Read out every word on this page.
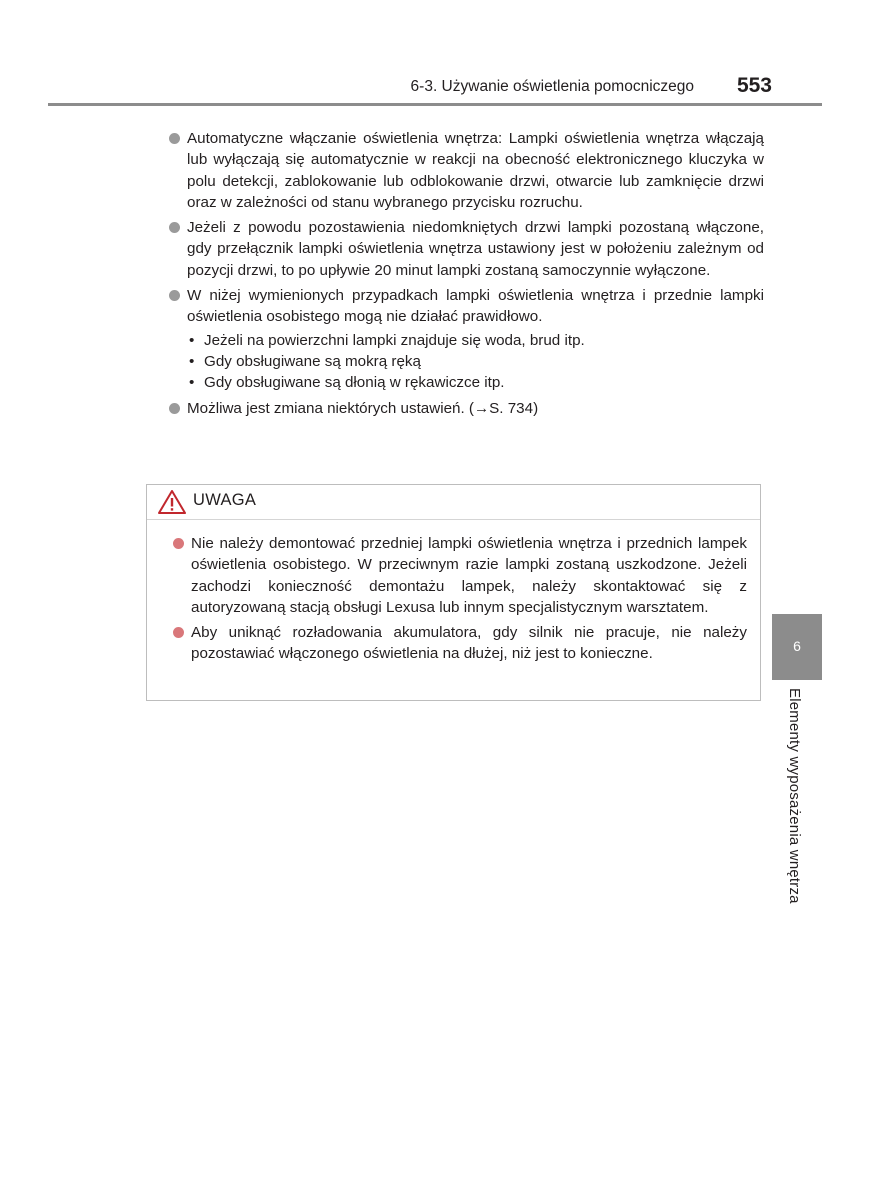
6-3. Używanie oświetlenia pomocniczego 553
Automatyczne włączanie oświetlenia wnętrza: Lampki oświetlenia wnętrza włączają lub wyłączają się automatycznie w reakcji na obecność elektronicznego kluczyka w polu detekcji, zablokowanie lub odblokowanie drzwi, otwarcie lub zamknięcie drzwi oraz w zależności od stanu wybranego przycisku rozruchu.
Jeżeli z powodu pozostawienia niedomkniętych drzwi lampki pozostaną włączone, gdy przełącznik lampki oświetlenia wnętrza ustawiony jest w położeniu zależnym od pozycji drzwi, to po upływie 20 minut lampki zostaną samoczynnie wyłączone.
W niżej wymienionych przypadkach lampki oświetlenia wnętrza i przednie lampki oświetlenia osobistego mogą nie działać prawidłowo.
• Jeżeli na powierzchni lampki znajduje się woda, brud itp.
• Gdy obsługiwane są mokrą ręką
• Gdy obsługiwane są dłonią w rękawiczce itp.
Możliwa jest zmiana niektórych ustawień. (→S. 734)
UWAGA
Nie należy demontować przedniej lampki oświetlenia wnętrza i przednich lampek oświetlenia osobistego. W przeciwnym razie lampki zostaną uszkodzone. Jeżeli zachodzi konieczność demontażu lampek, należy skontaktować się z autoryzowaną stacją obsługi Lexusa lub innym specjalistycznym warsztatem.
Aby uniknąć rozładowania akumulatora, gdy silnik nie pracuje, nie należy pozostawiać włączonego oświetlenia na dłużej, niż jest to konieczne.	6
Elementy wyposażenia wnętrza
